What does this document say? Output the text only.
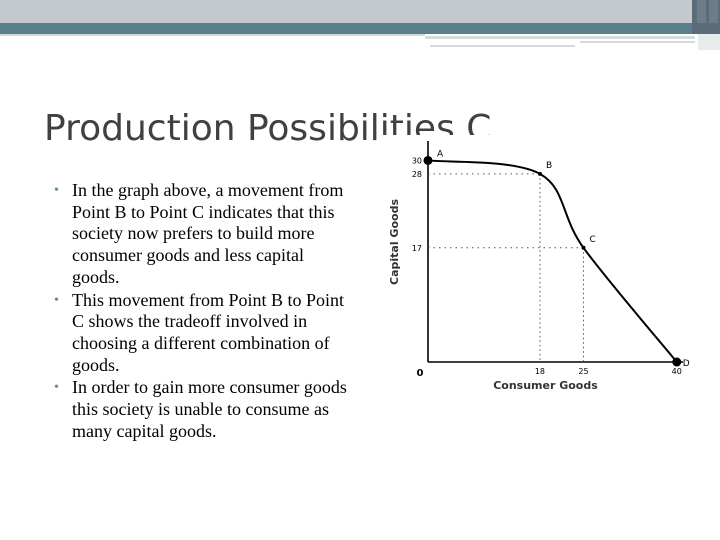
Production Possibilities C
• In the graph above, a movement from Point B to Point C indicates that this society now prefers to build more consumer goods and less capital goods.
• This movement from Point B to Point C shows the tradeoff involved in choosing a different combination of goods.
• In order to gain more consumer goods this society is unable to consume as many capital goods.
A
B
C
D
30
28
17
0	18	25	40
Consumer Goods
Capital Goods
